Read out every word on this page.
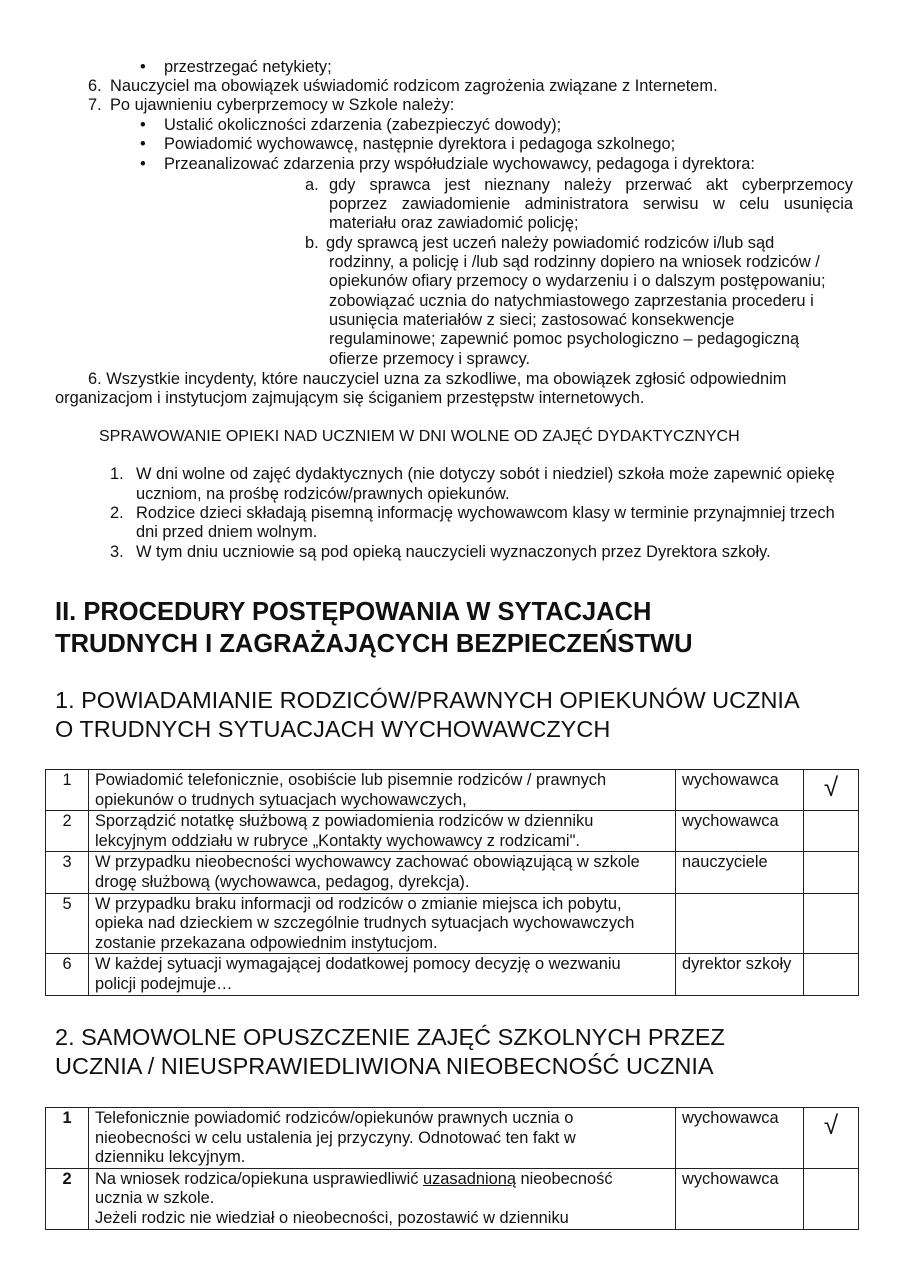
• przestrzegać netykiety;
6. Nauczyciel ma obowiązek uświadomić rodzicom zagrożenia związane z Internetem.
7. Po ujawnieniu cyberprzemocy w Szkole należy:
• Ustalić okoliczności zdarzenia (zabezpieczyć dowody);
• Powiadomić wychowawcę, następnie dyrektora i pedagoga szkolnego;
• Przeanalizować zdarzenia przy współudziale wychowawcy, pedagoga i dyrektora:
a. gdy sprawca jest nieznany należy przerwać akt cyberprzemocy
poprzez zawiadomienie administratora serwisu w celu usunięcia
materiału oraz zawiadomić policję;
b. gdy sprawcą jest uczeń należy powiadomić rodziców i/lub sąd
rodzinny, a policję i /lub sąd rodzinny dopiero na wniosek rodziców /
opiekunów ofiary przemocy o wydarzeniu i o dalszym postępowaniu;
zobowiązać ucznia do natychmiastowego zaprzestania procederu i
usunięcia materiałów z sieci; zastosować konsekwencje
regulaminowe; zapewnić pomoc psychologiczno – pedagogiczną
ofierze przemocy i sprawcy.
6. Wszystkie incydenty, które nauczyciel uzna za szkodliwe, ma obowiązek zgłosić odpowiednim
organizacjom i instytucjom zajmującym się ściganiem przestępstw internetowych.
SPRAWOWANIE OPIEKI NAD UCZNIEM W DNI WOLNE OD ZAJĘĆ DYDAKTYCZNYCH
1. W dni wolne od zajęć dydaktycznych (nie dotyczy sobót i niedziel) szkoła może zapewnić opiekę
uczniom, na prośbę rodziców/prawnych opiekunów.
2. Rodzice dzieci składają pisemną informację wychowawcom klasy w terminie przynajmniej trzech
dni przed dniem wolnym.
3. W tym dniu uczniowie są pod opieką nauczycieli wyznaczonych przez Dyrektora szkoły.
II. PROCEDURY POSTĘPOWANIA W SYTACJACH
TRUDNYCH I ZAGRAŻAJĄCYCH BEZPIECZEŃSTWU
1. POWIADAMIANIE RODZICÓW/PRAWNYCH OPIEKUNÓW UCZNIA
O TRUDNYCH SYTUACJACH WYCHOWAWCZYCH
1	Powiadomić telefonicznie, osobiście lub pisemnie rodziców / prawnych
opiekunów o trudnych sytuacjach wychowawczych,	wychowawca	√
2	Sporządzić notatkę służbową z powiadomienia rodziców w dzienniku
lekcyjnym oddziału w rubryce „Kontakty wychowawcy z rodzicami".	wychowawca	
3	W przypadku nieobecności wychowawcy zachować obowiązującą w szkole
drogę służbową (wychowawca, pedagog, dyrekcja).	nauczyciele	
5	W przypadku braku informacji od rodziców o zmianie miejsca ich pobytu,
opieka nad dzieckiem w szczególnie trudnych sytuacjach wychowawczych
zostanie przekazana odpowiednim instytucjom.		

6	W każdej sytuacji wymagającej dodatkowej pomocy decyzję o wezwaniu
policji podejmuje…	dyrektor szkoły	
2. SAMOWOLNE OPUSZCZENIE ZAJĘĆ SZKOLNYCH PRZEZ
UCZNIA / NIEUSPRAWIEDLIWIONA NIEOBECNOŚĆ UCZNIA
1	Telefonicznie powiadomić rodziców/opiekunów prawnych ucznia o
nieobecności w celu ustalenia jej przyczyny. Odnotować ten fakt w
dzienniku lekcyjnym.	wychowawca	√
2	Na wniosek rodzica/opiekuna usprawiedliwić uzasadnioną nieobecność
ucznia w szkole.
Jeżeli rodzic nie wiedział o nieobecności, pozostawić w dzienniku	wychowawca	
